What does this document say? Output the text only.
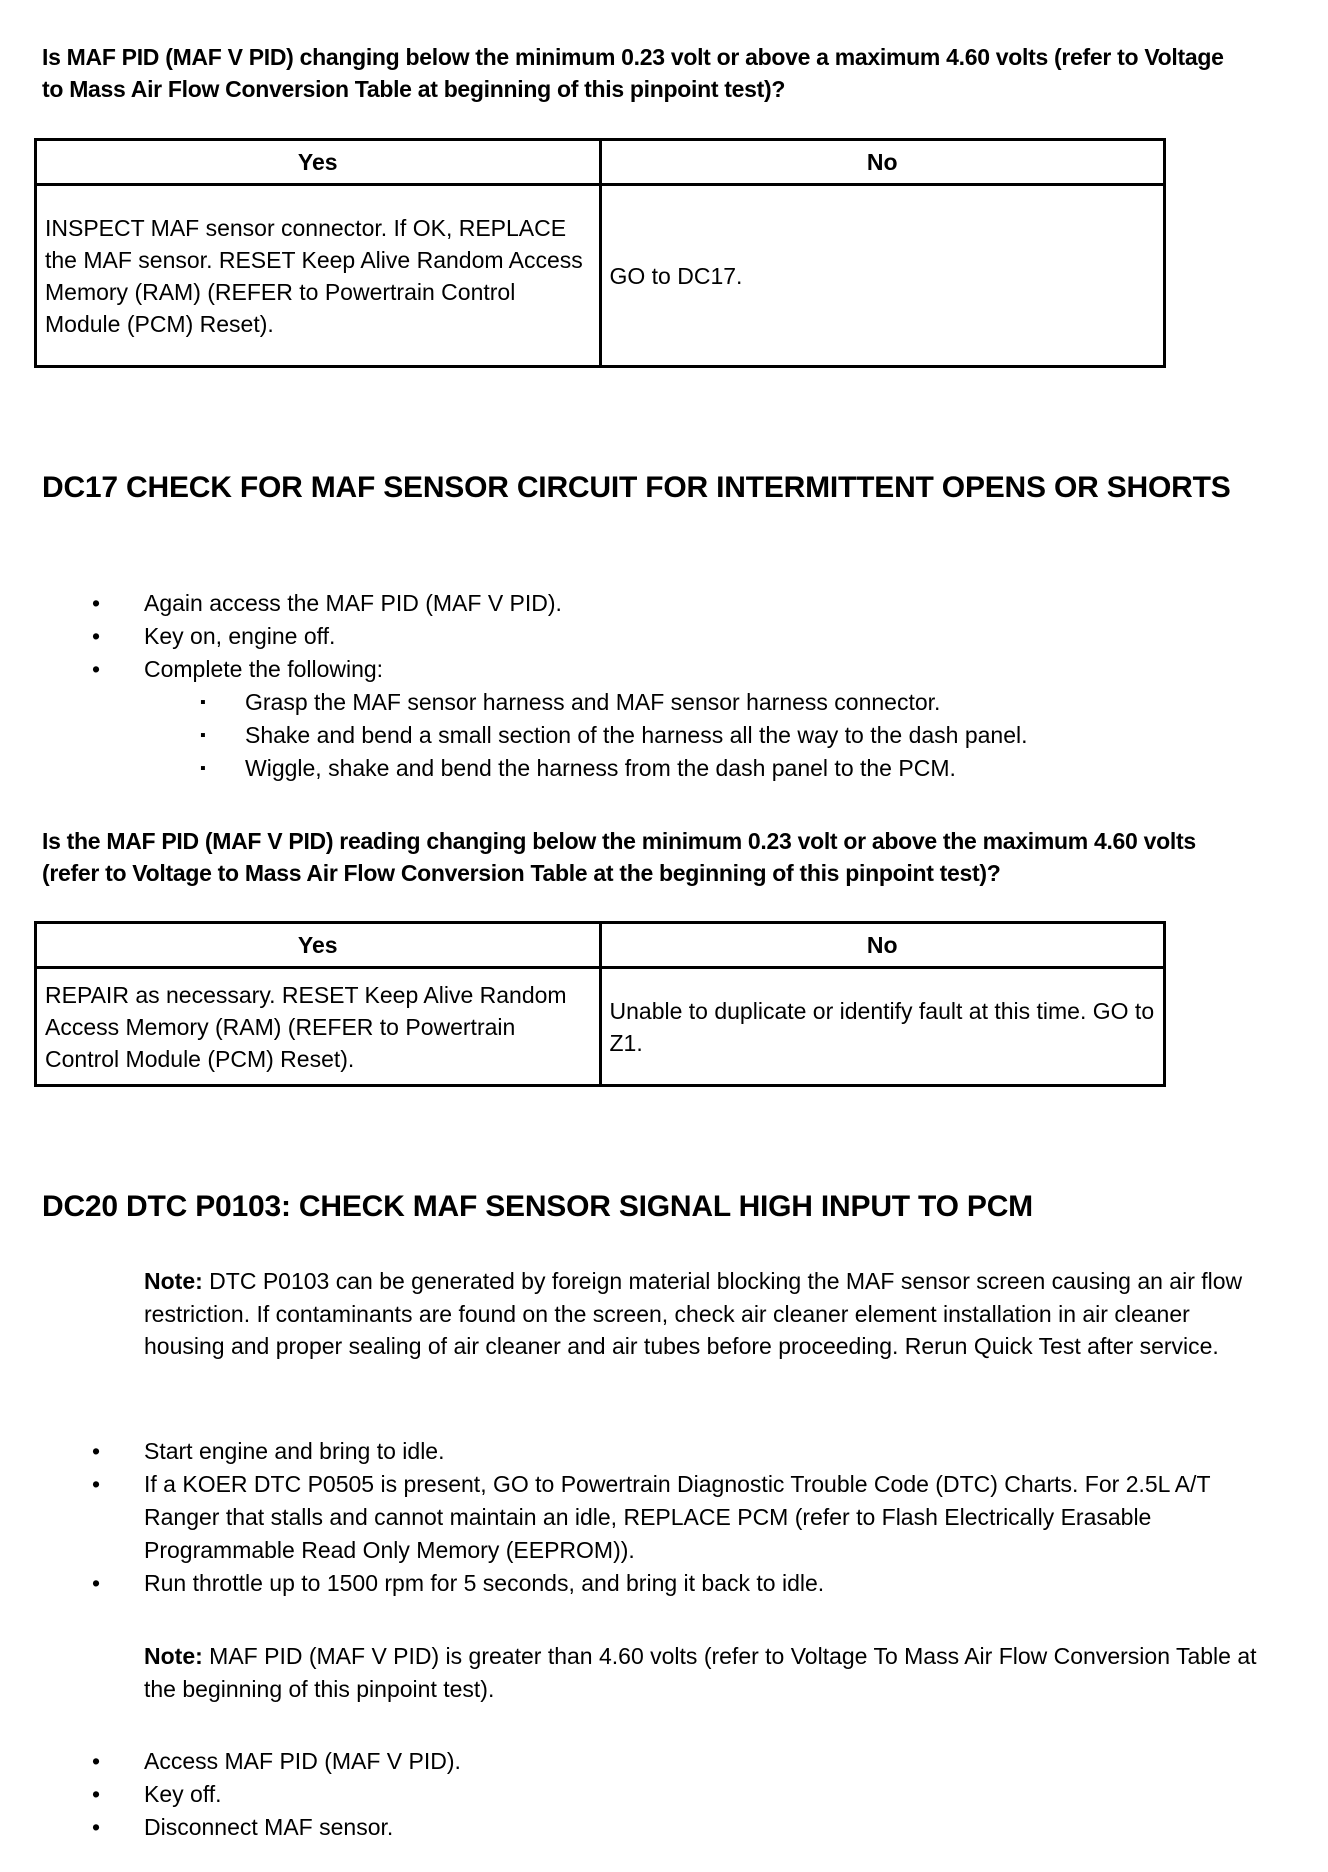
Is MAF PID (MAF V PID) changing below the minimum 0.23 volt or above a maximum 4.60 volts (refer to Voltage to Mass Air Flow Conversion Table at beginning of this pinpoint test)?
Yes	No
INSPECT MAF sensor connector. If OK, REPLACE the MAF sensor. RESET Keep Alive Random Access Memory (RAM) (REFER to Powertrain Control Module (PCM) Reset).	GO to DC17.
DC17 CHECK FOR MAF SENSOR CIRCUIT FOR INTERMITTENT OPENS OR SHORTS
• Again access the MAF PID (MAF V PID).
• Key on, engine off.
• Complete the following:
▪ Grasp the MAF sensor harness and MAF sensor harness connector.
▪ Shake and bend a small section of the harness all the way to the dash panel.
▪ Wiggle, shake and bend the harness from the dash panel to the PCM.
Is the MAF PID (MAF V PID) reading changing below the minimum 0.23 volt or above the maximum 4.60 volts (refer to Voltage to Mass Air Flow Conversion Table at the beginning of this pinpoint test)?
Yes	No
REPAIR as necessary. RESET Keep Alive Random Access Memory (RAM) (REFER to Powertrain Control Module (PCM) Reset).	Unable to duplicate or identify fault at this time. GO to Z1.
DC20 DTC P0103: CHECK MAF SENSOR SIGNAL HIGH INPUT TO PCM
Note: DTC P0103 can be generated by foreign material blocking the MAF sensor screen causing an air flow restriction. If contaminants are found on the screen, check air cleaner element installation in air cleaner housing and proper sealing of air cleaner and air tubes before proceeding. Rerun Quick Test after service.
• Start engine and bring to idle.
• If a KOER DTC P0505 is present, GO to Powertrain Diagnostic Trouble Code (DTC) Charts. For 2.5L A/T Ranger that stalls and cannot maintain an idle, REPLACE PCM (refer to Flash Electrically Erasable Programmable Read Only Memory (EEPROM)).
• Run throttle up to 1500 rpm for 5 seconds, and bring it back to idle.
Note: MAF PID (MAF V PID) is greater than 4.60 volts (refer to Voltage To Mass Air Flow Conversion Table at the beginning of this pinpoint test).
• Access MAF PID (MAF V PID).
• Key off.
• Disconnect MAF sensor.
